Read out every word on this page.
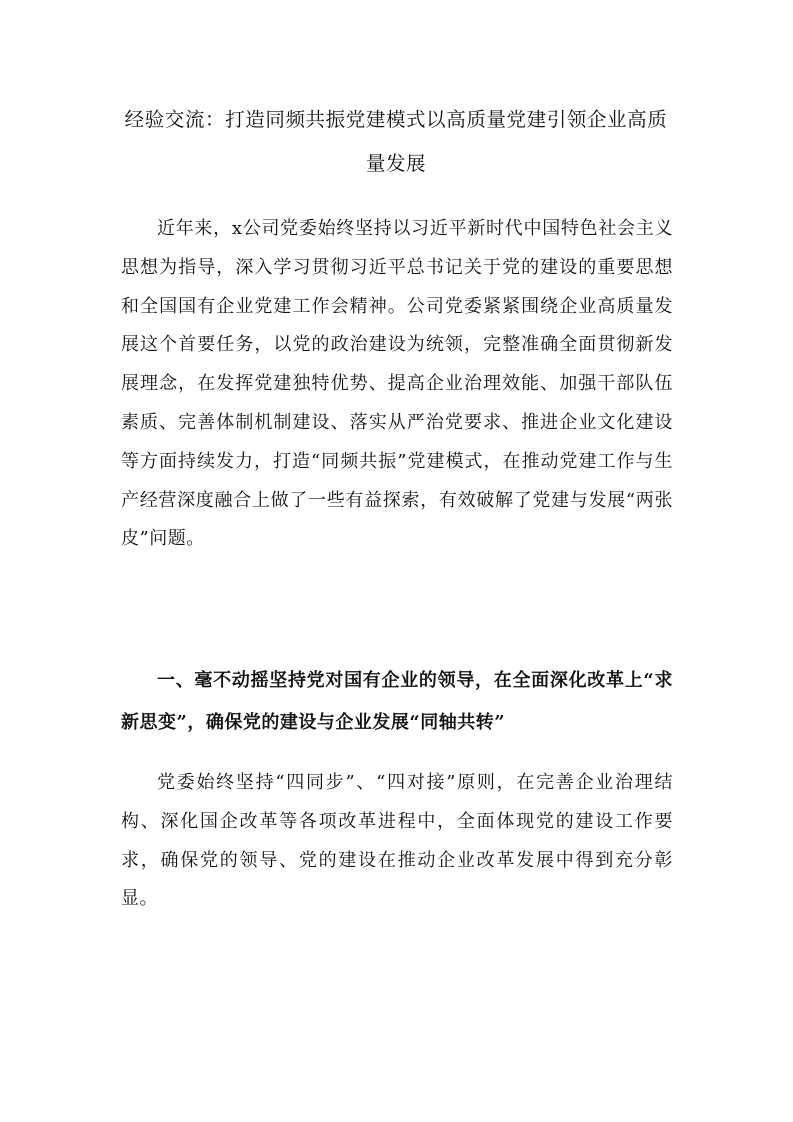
经验交流：打造同频共振党建模式以高质量党建引领企业高质量发展

近年来，x公司党委始终坚持以习近平新时代中国特色社会主义思想为指导，深入学习贯彻习近平总书记关于党的建设的重要思想和全国国有企业党建工作会精神。公司党委紧紧围绕企业高质量发展这个首要任务，以党的政治建设为统领，完整准确全面贯彻新发展理念，在发挥党建独特优势、提高企业治理效能、加强干部队伍素质、完善体制机制建设、落实从严治党要求、推进企业文化建设等方面持续发力，打造“同频共振”党建模式，在推动党建工作与生产经营深度融合上做了一些有益探索，有效破解了党建与发展“两张皮”问题。

一、毫不动摇坚持党对国有企业的领导，在全面深化改革上“求新思变”，确保党的建设与企业发展“同轴共转”

党委始终坚持“四同步”、“四对接”原则，在完善企业治理结构、深化国企改革等各项改革进程中，全面体现党的建设工作要求，确保党的领导、党的建设在推动企业改革发展中得到充分彰显。
